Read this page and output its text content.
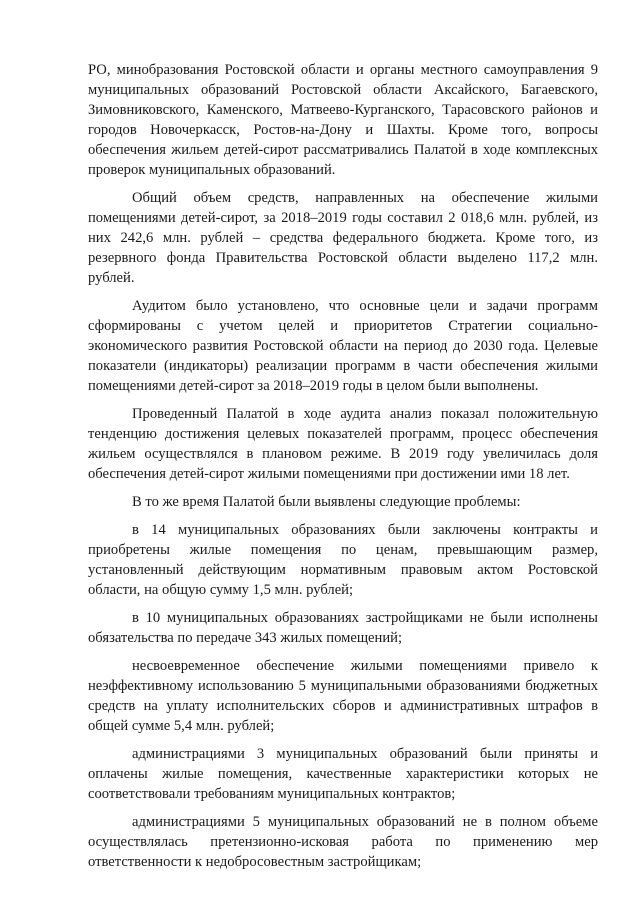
РО, минобразования Ростовской области и органы местного самоуправления 9 муниципальных образований Ростовской области Аксайского, Багаевского, Зимовниковского, Каменского, Матвеево-Курганского, Тарасовского районов и городов Новочеркасск, Ростов-на-Дону и Шахты. Кроме того, вопросы обеспечения жильем детей-сирот рассматривались Палатой в ходе комплексных проверок муниципальных образований.

Общий объем средств, направленных на обеспечение жилыми помещениями детей-сирот, за 2018–2019 годы составил 2 018,6 млн. рублей, из них 242,6 млн. рублей – средства федерального бюджета. Кроме того, из резервного фонда Правительства Ростовской области выделено 117,2 млн. рублей.

Аудитом было установлено, что основные цели и задачи программ сформированы с учетом целей и приоритетов Стратегии социально-экономического развития Ростовской области на период до 2030 года. Целевые показатели (индикаторы) реализации программ в части обеспечения жилыми помещениями детей-сирот за 2018–2019 годы в целом были выполнены.

Проведенный Палатой в ходе аудита анализ показал положительную тенденцию достижения целевых показателей программ, процесс обеспечения жильем осуществлялся в плановом режиме. В 2019 году увеличилась доля обеспечения детей-сирот жилыми помещениями при достижении ими 18 лет.

В то же время Палатой были выявлены следующие проблемы:

в 14 муниципальных образованиях были заключены контракты и приобретены жилые помещения по ценам, превышающим размер, установленный действующим нормативным правовым актом Ростовской области, на общую сумму 1,5 млн. рублей;

в 10 муниципальных образованиях застройщиками не были исполнены обязательства по передаче 343 жилых помещений;

несвоевременное обеспечение жилыми помещениями привело к неэффективному использованию 5 муниципальными образованиями бюджетных средств на уплату исполнительских сборов и административных штрафов в общей сумме 5,4 млн. рублей;

администрациями 3 муниципальных образований были приняты и оплачены жилые помещения, качественные характеристики которых не соответствовали требованиям муниципальных контрактов;

администрациями 5 муниципальных образований не в полном объеме осуществлялась претензионно-исковая работа по применению мер ответственности к недобросовестным застройщикам;
